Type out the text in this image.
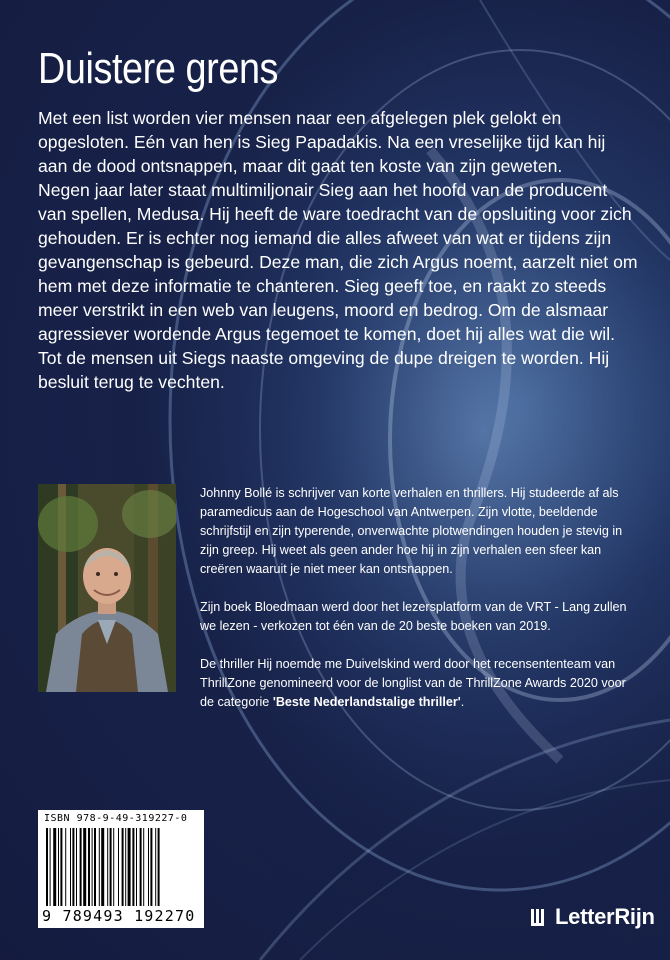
Duistere grens

Met een list worden vier mensen naar een afgelegen plek gelokt en opgesloten. Eén van hen is Sieg Papadakis. Na een vreselijke tijd kan hij aan de dood ontsnappen, maar dit gaat ten koste van zijn geweten.

Negen jaar later staat multimiljonair Sieg aan het hoofd van de producent van spellen, Medusa. Hij heeft de ware toedracht van de opsluiting voor zich gehouden. Er is echter nog iemand die alles afweet van wat er tijdens zijn gevangenschap is gebeurd. Deze man, die zich Argus noemt, aarzelt niet om hem met deze informatie te chanteren. Sieg geeft toe, en raakt zo steeds meer verstrikt in een web van leugens, moord en bedrog. Om de alsmaar agressiever wordende Argus tegemoet te komen, doet hij alles wat die wil. Tot de mensen uit Siegs naaste omgeving de dupe dreigen te worden. Hij besluit terug te vechten.

Johnny Bollé is schrijver van korte verhalen en thrillers. Hij studeerde af als paramedicus aan de Hogeschool van Antwerpen. Zijn vlotte, beeldende schrijfstijl en zijn typerende, onverwachte plotwendingen houden je stevig in zijn greep. Hij weet als geen ander hoe hij in zijn verhalen een sfeer kan creëren waaruit je niet meer kan ontsnappen.

Zijn boek Bloedmaan werd door het lezersplatform van de VRT - Lang zullen we lezen - verkozen tot één van de 20 beste boeken van 2019.

De thriller Hij noemde me Duivelskind werd door het recensententeam van ThrillZone genomineerd voor de longlist van de ThrillZone Awards 2020 voor de categorie 'Beste Nederlandstalige thriller'.

ISBN 978-9-49-319227-0
9 789493 192270	LetterRijn
